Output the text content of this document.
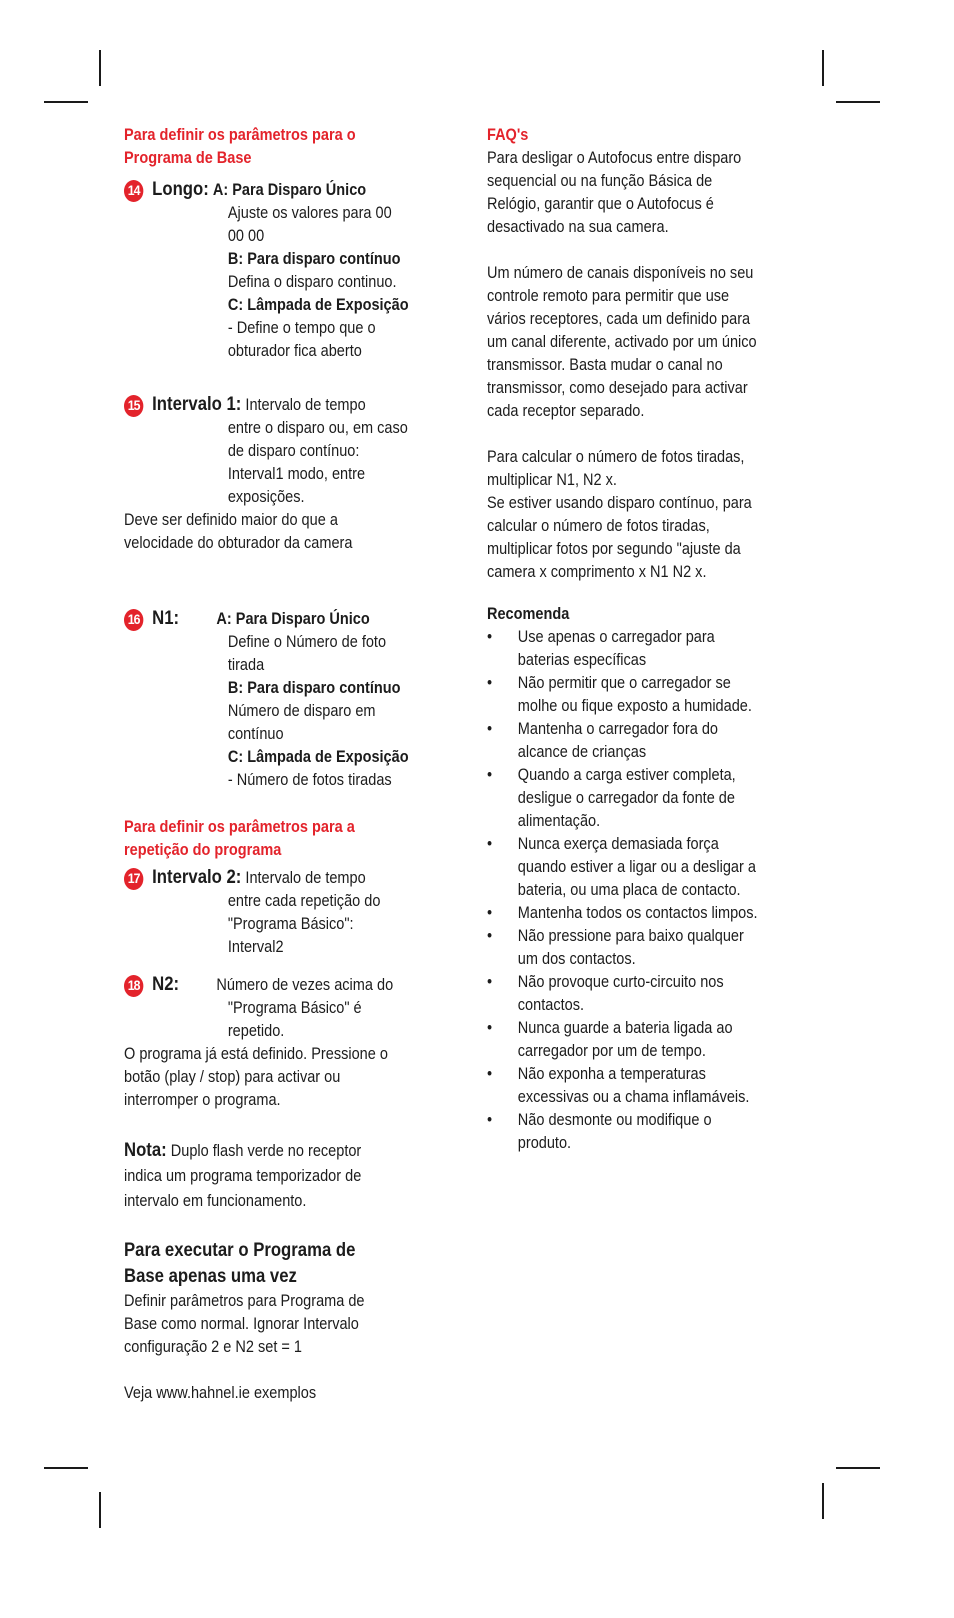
Para definir os parâmetros para o
Programa de Base
14 Longo: A: Para Disparo Único
Ajuste os valores para 00
00 00
B: Para disparo contínuo
Defina o disparo continuo.
C: Lâmpada de Exposição
- Define o tempo que o
obturador fica aberto
15 Intervalo 1: Intervalo de tempo
entre o disparo ou, em caso
de disparo contínuo:
Interval1 modo, entre
exposições.
Deve ser definido maior do que a
velocidade do obturador da camera
16 N1: A: Para Disparo Único
Define o Número de foto
tirada
B: Para disparo contínuo
Número de disparo em
contínuo
C: Lâmpada de Exposição
- Número de fotos tiradas
Para definir os parâmetros para a
repetição do programa
17 Intervalo 2: Intervalo de tempo
entre cada repetição do
"Programa Básico":
Interval2
18 N2: Número de vezes acima do
"Programa Básico" é
repetido.
O programa já está definido. Pressione o
botão (play / stop) para activar ou
interromper o programa.
Nota: Duplo flash verde no receptor
indica um programa temporizador de
intervalo em funcionamento.
Para executar o Programa de
Base apenas uma vez
Definir parâmetros para Programa de
Base como normal. Ignorar Intervalo
configuração 2 e N2 set = 1
Veja www.hahnel.ie exemplos
FAQ's
Para desligar o Autofocus entre disparo
sequencial ou na função Básica de
Relógio, garantir que o Autofocus é
desactivado na sua camera.
Um número de canais disponíveis no seu
controle remoto para permitir que use
vários receptores, cada um definido para
um canal diferente, activado por um único
transmissor. Basta mudar o canal no
transmissor, como desejado para activar
cada receptor separado.
Para calcular o número de fotos tiradas,
multiplicar N1, N2 x.
Se estiver usando disparo contínuo, para
calcular o número de fotos tiradas,
multiplicar fotos por segundo "ajuste da
camera x comprimento x N1 N2 x.
Recomenda
• Use apenas o carregador para
baterias específicas
• Não permitir que o carregador se
molhe ou fique exposto a humidade.
• Mantenha o carregador fora do
alcance de crianças
• Quando a carga estiver completa,
desligue o carregador da fonte de
alimentação.
• Nunca exerça demasiada força
quando estiver a ligar ou a desligar a
bateria, ou uma placa de contacto.
• Mantenha todos os contactos limpos.
• Não pressione para baixo qualquer
um dos contactos.
• Não provoque curto-circuito nos
contactos.
• Nunca guarde a bateria ligada ao
carregador por um de tempo.
• Não exponha a temperaturas
excessivas ou a chama inflamáveis.
• Não desmonte ou modifique o
produto.
